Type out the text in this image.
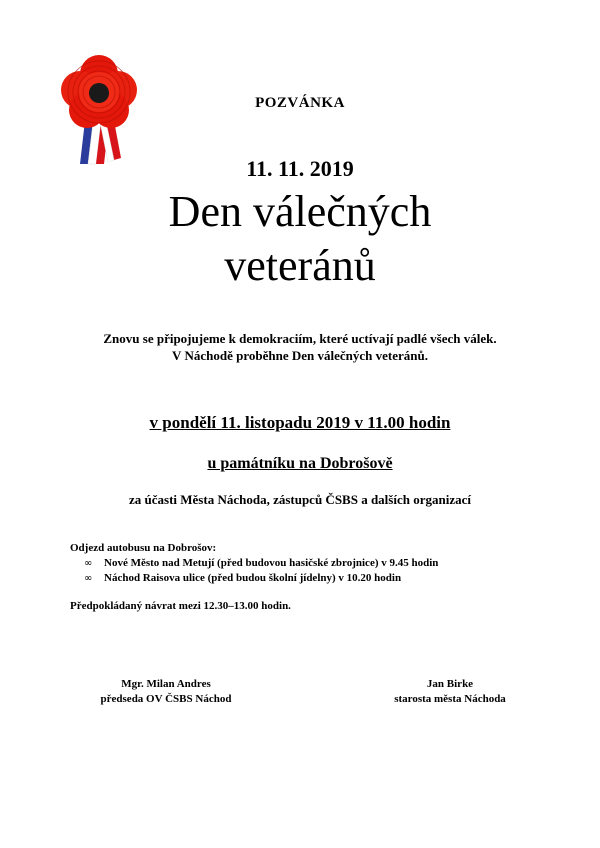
POZVÁNKA
11. 11. 2019
Den válečných
veteránů
Znovu se připojujeme k demokraciím, které uctívají padlé všech válek.
V Náchodě proběhne Den válečných veteránů.
v pondělí 11. listopadu 2019 v 11.00 hodin
u památníku na Dobrošově
za účasti Města Náchoda, zástupců ČSBS a dalších organizací
Odjezd autobusu na Dobrošov:
∞	Nové Město nad Metují (před budovou hasičské zbrojnice) v 9.45 hodin
∞	Náchod Raisova ulice (před budou školní jídelny) v 10.20 hodin
Předpokládaný návrat mezi 12.30–13.00 hodin.
Mgr. Milan Andres
předseda OV ČSBS Náchod
Jan Birke
starosta města Náchoda
